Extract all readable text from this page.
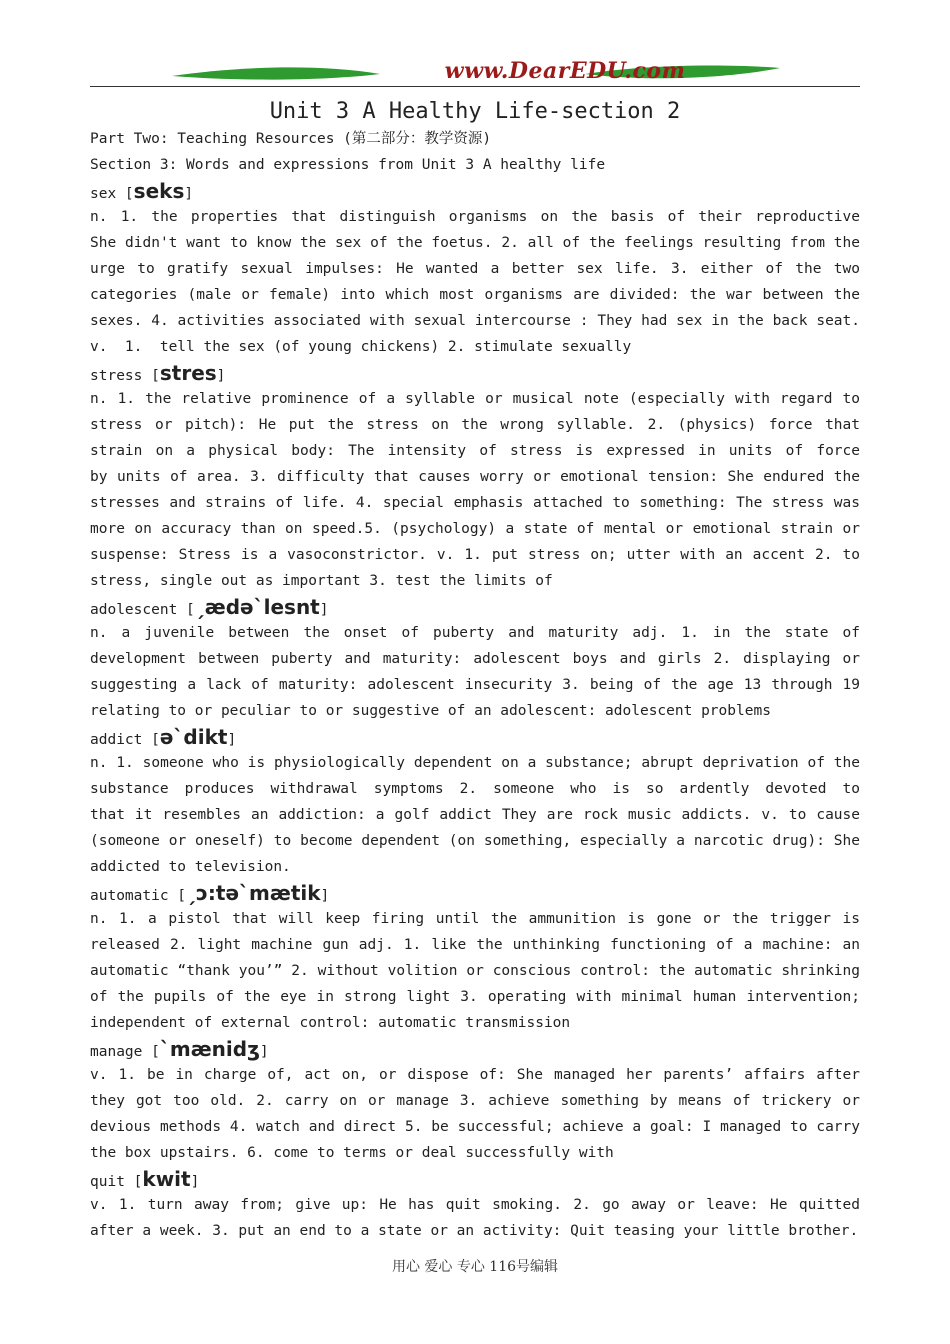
www.DearEDU.com
Unit 3 A Healthy Life-section 2
Part Two: Teaching Resources (第二部分：教学资源)
Section 3: Words and expressions from Unit 3 A healthy life
sex [seks]
n. 1. the properties that distinguish organisms on the basis of their reproductive
She didn't want to know the sex of the foetus. 2. all of the feelings resulting from the
urge to gratify sexual impulses: He wanted a better sex life. 3. either of the two
categories (male or female) into which most organisms are divided: the war between the
sexes. 4. activities associated with sexual intercourse : They had sex in the back seat.
v.  1.  tell the sex (of young chickens) 2. stimulate sexually
stress [stres]
n. 1. the relative prominence of a syllable or musical note (especially with regard to
stress or pitch): He put the stress on the wrong syllable. 2. (physics) force that
strain on a physical body: The intensity of stress is expressed in units of force
by units of area. 3. difficulty that causes worry or emotional tension: She endured the
stresses and strains of life. 4. special emphasis attached to something: The stress was
more on accuracy than on speed.5. (psychology) a state of mental or emotional strain or
suspense: Stress is a vasoconstrictor. v. 1. put stress on; utter with an accent 2. to
stress, single out as important 3. test the limits of
adolescent [ˏædəˋlesnt]
n. a juvenile between the onset of puberty and maturity adj. 1. in the state of
development between puberty and maturity: adolescent boys and girls 2. displaying or
suggesting a lack of maturity: adolescent insecurity 3. being of the age 13 through 19
relating to or peculiar to or suggestive of an adolescent: adolescent problems
addict [əˋdikt]
n. 1. someone who is physiologically dependent on a substance; abrupt deprivation of the
substance produces withdrawal symptoms 2. someone who is so ardently devoted to
that it resembles an addiction: a golf addict They are rock music addicts. v. to cause
(someone or oneself) to become dependent (on something, especially a narcotic drug): She
addicted to television.
automatic [ˏɔ:təˋmætik]
n. 1. a pistol that will keep firing until the ammunition is gone or the trigger is
released 2. light machine gun adj. 1. like the unthinking functioning of a machine: an
automatic “thank you’” 2. without volition or conscious control: the automatic shrinking
of the pupils of the eye in strong light 3. operating with minimal human intervention;
independent of external control: automatic transmission
manage [ˋmænidʒ]
v. 1. be in charge of, act on, or dispose of: She managed her parents’ affairs after
they got too old. 2. carry on or manage 3. achieve something by means of trickery or
devious methods 4. watch and direct 5. be successful; achieve a goal: I managed to carry
the box upstairs. 6. come to terms or deal successfully with
quit [kwit]
v. 1. turn away from; give up: He has quit smoking. 2. go away or leave: He quitted
after a week. 3. put an end to a state or an activity: Quit teasing your little brother.
用心 爱心 专心 116号编辑
